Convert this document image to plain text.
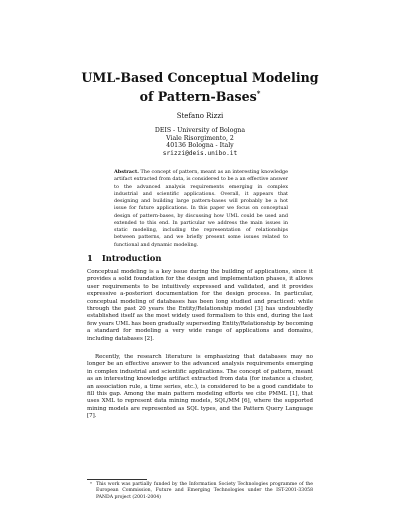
UML-Based Conceptual Modeling of Pattern-Bases*
Stefano Rizzi
DEIS - University of Bologna
Viale Risorgimento, 2
40136 Bologna - Italy
srizzi@deis.unibo.it
Abstract. The concept of pattern, meant as an interesting knowledge artifact extracted from data, is considered to be a an effective answer to the advanced analysis requirements emerging in complex industrial and scientific applications. Overall, it appears that designing and building large pattern-bases will probably be a hot issue for future applications. In this paper we focus on conceptual design of pattern-bases, by discussing how UML could be used and extended to this end. In particular we address the main issues in static modeling, including the representation of relationships between patterns, and we briefly present some issues related to functional and dynamic modeling.
1 Introduction
Conceptual modeling is a key issue during the building of applications, since it provides a solid foundation for the design and implementation phases, it allows user requirements to be intuitively expressed and validated, and it provides expressive a-posteriori documentation for the design process. In particular, conceptual modeling of databases has been long studied and practiced: while through the past 20 years the Entity/Relationship model [3] has undoubtedly established itself as the most widely used formalism to this end, during the last few years UML has been gradually superseding Entity/Relationship by becoming a standard for modeling a very wide range of applications and domains, including databases [2].
Recently, the research literature is emphasizing that databases may no longer be an effective answer to the advanced analysis requirements emerging in complex industrial and scientific applications. The concept of pattern, meant as an interesting knowledge artifact extracted from data (for instance a cluster, an association rule, a time series, etc.), is considered to be a good candidate to fill this gap. Among the main pattern modeling efforts we cite PMML [1], that uses XML to represent data mining models, SQL/MM [6], where the supported mining models are represented as SQL types, and the Pattern Query Language [7].
* This work was partially funded by the Information Society Technologies programme of the European Commission, Future and Emerging Technologies under the IST-2001-33058 PANDA project (2001-2004)
